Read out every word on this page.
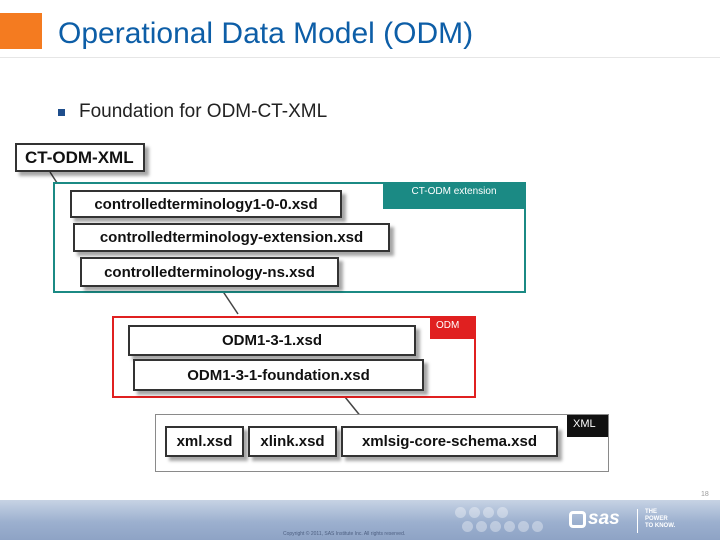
Operational Data Model (ODM)
Foundation for ODM-CT-XML
CT-ODM extension
ODM
XML
CT-ODM-XML
controlledterminology1-0-0.xsd
controlledterminology-extension.xsd
controlledterminology-ns.xsd
ODM1-3-1.xsd
ODM1-3-1-foundation.xsd
xml.xsd	xlink.xsd	xmlsig-core-schema.xsd
18
Copyright © 2011, SAS Institute Inc. All rights reserved.
sas	THE
POWER
TO KNOW.
